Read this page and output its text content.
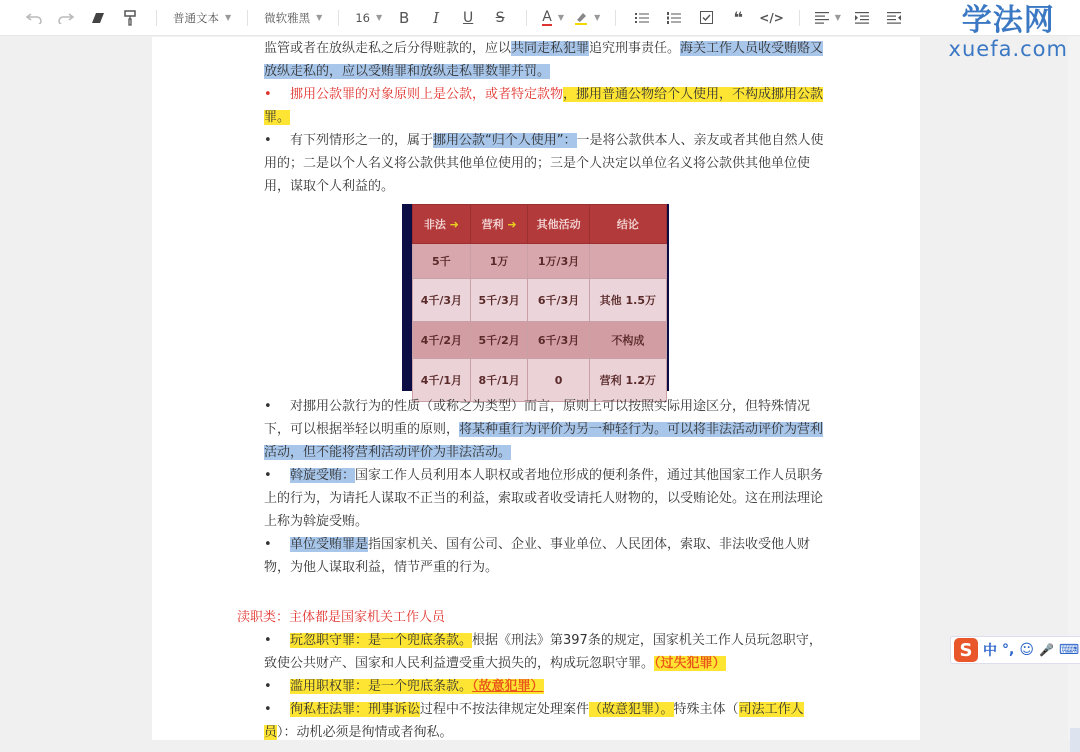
普通文本 ▼	微软雅黑 ▼	16 ▼ B I U S	A ▼	▼	❝ </>	▼	学法网
xuefa.com

监管或者在放纵走私之后分得赃款的，应以共同走私犯罪追究刑事责任。海关工作人员收受贿赂又放纵走私的，应以受贿罪和放纵走私罪数罪并罚。

• 挪用公款罪的对象原则上是公款，或者特定款物，挪用普通公物给个人使用，不构成挪用公款罪。
• 有下列情形之一的，属于挪用公款“归个人使用”：一是将公款供本人、亲友或者其他自然人使用的；二是以个人名义将公款供其他单位使用的；三是个人决定以单位名义将公款供其他单位使用，谋取个人利益的。
非法 ➜	营利 ➜	其他活动	结论
5千	1万	1万/3月	
4千/3月	5千/3月	6千/3月	其他 1.5万
4千/2月	5千/2月	6千/3月	不构成
4千/1月	8千/1月	0	营利 1.2万
• 对挪用公款行为的性质（或称之为类型）而言，原则上可以按照实际用途区分，但特殊情况下，可以根据举轻以明重的原则，将某种重行为评价为另一种轻行为。可以将非法活动评价为营利活动，但不能将营利活动评价为非法活动。
• 斡旋受贿：国家工作人员利用本人职权或者地位形成的便利条件，通过其他国家工作人员职务上的行为，为请托人谋取不正当的利益，索取或者收受请托人财物的，以受贿论处。这在刑法理论上称为斡旋受贿。
• 单位受贿罪是指国家机关、国有公司、企业、事业单位、人民团体，索取、非法收受他人财物，为他人谋取利益，情节严重的行为。
渎职类：主体都是国家机关工作人员
• 玩忽职守罪：是一个兜底条款。根据《刑法》第397条的规定，国家机关工作人员玩忽职守，致使公共财产、国家和人民利益遭受重大损失的，构成玩忽职守罪。（过失犯罪）
• 滥用职权罪：是一个兜底条款。（故意犯罪）
• 徇私枉法罪：刑事诉讼过程中不按法律规定处理案件（故意犯罪）。特殊主体（司法工作人员）：动机必须是徇情或者徇私。
S 中 °, ☺ 🎤 ⌨
